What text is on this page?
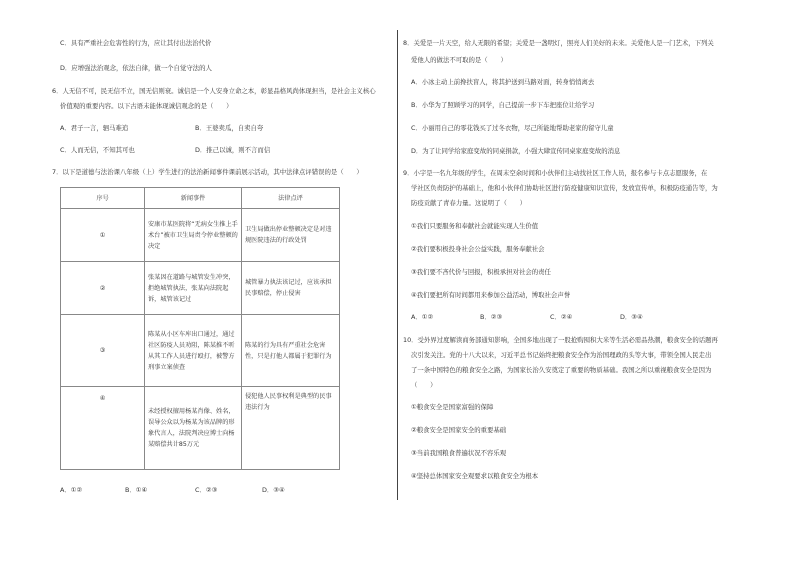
C．具有严重社会危害性的行为，应让其付出法治代价

D．应增强法治观念，依法自律，做一个自觉守法的人

6．人无信不可，民无信不立，国无信则衰。诚信是一个人安身立命之本，彰显品格风尚体现担当，是社会主义核心

价值观的重要内容。以下古语未能体现诚信观念的是（　　）

A．君子一言，驷马难追	B．王婆卖瓜，自卖自夸

C．人而无信，不知其可也	D．推己以诚，则不言而信

7．以下是道德与法治课八年级（上）学生进行的法治新闻事件课前展示活动，其中法律点评错误的是（　　）

序号	新闻事件	法律点评
①	安康市某医院将“无病女生推上手术台”被市卫生局责令停业整顿的决定	卫生局做出停业整顿决定是对违规医院违法的行政处罚

②	张某因在道路与城管发生冲突，拒绝城管执法，张某向法院起诉，城管该记过	城管暴力执法该记过，应该承担民事赔偿，停止侵害

③	陈某从小区车库出口通过，通过社区防疫人员劝阻，陈某推不听从其工作人员进行殴打，被警方刑事立案侦查	陈某的行为具有严重社会危害性，只是打他人都属于犯罪行为

④	未经授权擅用杨某肖像、姓名，误导公众以为杨某为该品牌的形象代言人，法院判决应博士向杨某赔偿共计85万元	侵犯他人民事权利是典型的民事违法行为

A．①②	B．①④	C．②③	D．③④

8．关爱是一片天空，给人无限的希望；关爱是一盏明灯，照亮人们美好的未来。关爱他人是一门艺术，下列关

爱他人的做法不可取的是（　　）

A．小冰主动上前搀扶盲人，将其护送到马路对面，转身悄悄离去

B．小华为了照顾学习的同学，自己提前一步下车把座位让给学习

C．小丽用自己的零花钱买了过冬衣物，尽己所能地帮助老家的留守儿童

D．为了让同学给家庭变故的同桌捐款，小强大肆宣传同桌家庭变故的消息

9．小宇是一名九年级的学生，在周末空余时间和小伙伴们主动找社区工作人员，报名参与卡点志愿服务，在

学社区负责防护的基础上，他和小伙伴们协助社区进行防疫健康知识宣传，发放宣传单，积极防疫通告等，为

防疫贡献了青春力量。这说明了（　　）

①我们只要服务和奉献社会就能实现人生价值

②我们要积极投身社会公益实践，服务奉献社会

③我们要不吝代价与回报，积极承担对社会的责任

④我们要把所有时间都用来参加公益活动，博取社会声誉

A．①②	B．②③	C．②④	D．③④

10．受外界过度解读商务部通知影响，全国多地出现了一股抢购囤积大米等生活必需品热潮，粮食安全的话题再

次引发关注。党的十八大以来，习近平总书记始终把粮食安全作为治国理政的头等大事，带领全国人民走出

了一条中国特色的粮食安全之路，为国家长治久安奠定了重要的物质基础。我国之所以重视粮食安全是因为

（　　）

①粮食安全是国家富强的保障

②粮食安全是国家安全的重要基础

③当前我国粮食普遍状况不容乐观

④坚持总体国家安全观要求以粮食安全为根本
